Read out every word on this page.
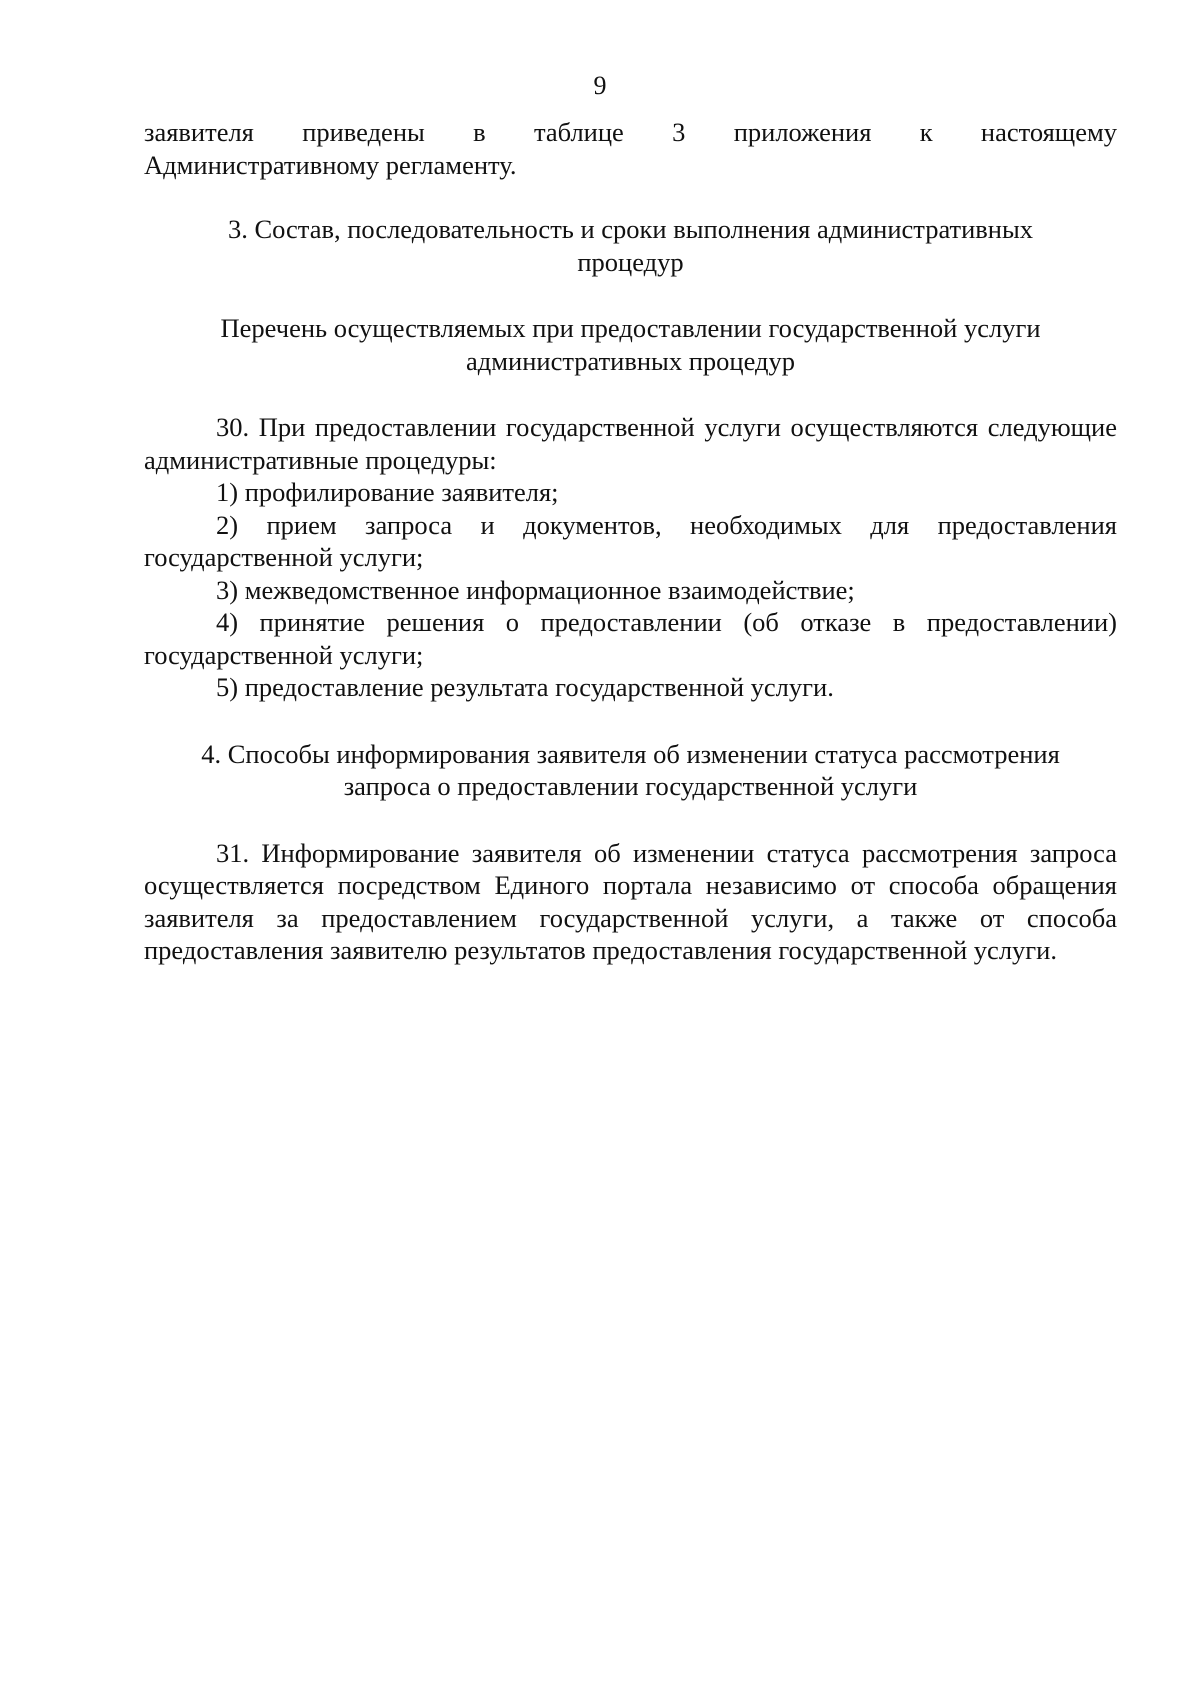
9

заявителя приведены в таблице 3 приложения к настоящему

Административному регламенту.

3. Состав, последовательность и сроки выполнения административных

процедур

Перечень осуществляемых при предоставлении государственной услуги

административных процедур

30. При предоставлении государственной услуги осуществляются следующие административные процедуры:

1) профилирование заявителя;

2) прием запроса и документов, необходимых для предоставления государственной услуги;

3) межведомственное информационное взаимодействие;

4) принятие решения о предоставлении (об отказе в предоставлении) государственной услуги;

5) предоставление результата государственной услуги.

4. Способы информирования заявителя об изменении статуса рассмотрения

запроса о предоставлении государственной услуги

31. Информирование заявителя об изменении статуса рассмотрения запроса осуществляется посредством Единого портала независимо от способа обращения заявителя за предоставлением государственной услуги, а также от способа предоставления заявителю результатов предоставления государственной услуги.
